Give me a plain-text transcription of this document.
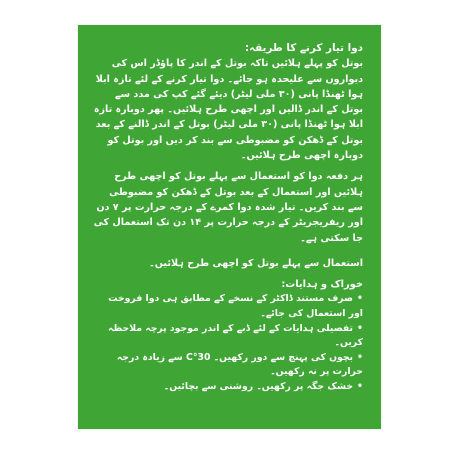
دوا تیار کرنے کا طریقہ:

بوتل کو پہلے ہلائیں تاکہ بوتل کے اندر کا پاؤڈر اس کی دیواروں سے علیحدہ ہو جائے۔ دوا تیار کرنے کے لئے تازہ ابلا ہوا ٹھنڈا پانی (۳۰ ملی لیٹر) دیئے گئے کپ کی مدد سے بوتل کے اندر ڈالیں اور اچھی طرح ہلائیں۔ پھر دوبارہ تازہ ابلا ہوا ٹھنڈا پانی (۳۰ ملی لیٹر) بوتل کے اندر ڈالنے کے بعد بوتل کے ڈھکن کو مضبوطی سے بند کر دیں اور بوتل کو دوبارہ اچھی طرح ہلائیں۔

ہر دفعہ دوا کو استعمال سے پہلے بوتل کو اچھی طرح ہلائیں اور استعمال کے بعد بوتل کے ڈھکن کو مضبوطی سے بند کریں۔ تیار شدہ دوا کمرے کے درجہ حرارت پر ۷ دن اور ریفریجریٹر کے درجہ حرارت پر ۱۴ دن تک استعمال کی جا سکتی ہے۔

استعمال سے پہلے بوتل کو اچھی طرح ہلائیں۔

خوراک و ہدایات:

• صرف مستند ڈاکٹر کے نسخے کے مطابق ہی دوا فروخت اور استعمال کی جائے۔
• تفصیلی ہدایات کے لئے ڈبے کے اندر موجود پرچہ ملاحظہ کریں۔
• بچوں کی پہنچ سے دور رکھیں۔ 30°C سے زیادہ درجہ حرارت پر نہ رکھیں۔
• خشک جگہ پر رکھیں۔ روشنی سے بچائیں۔
